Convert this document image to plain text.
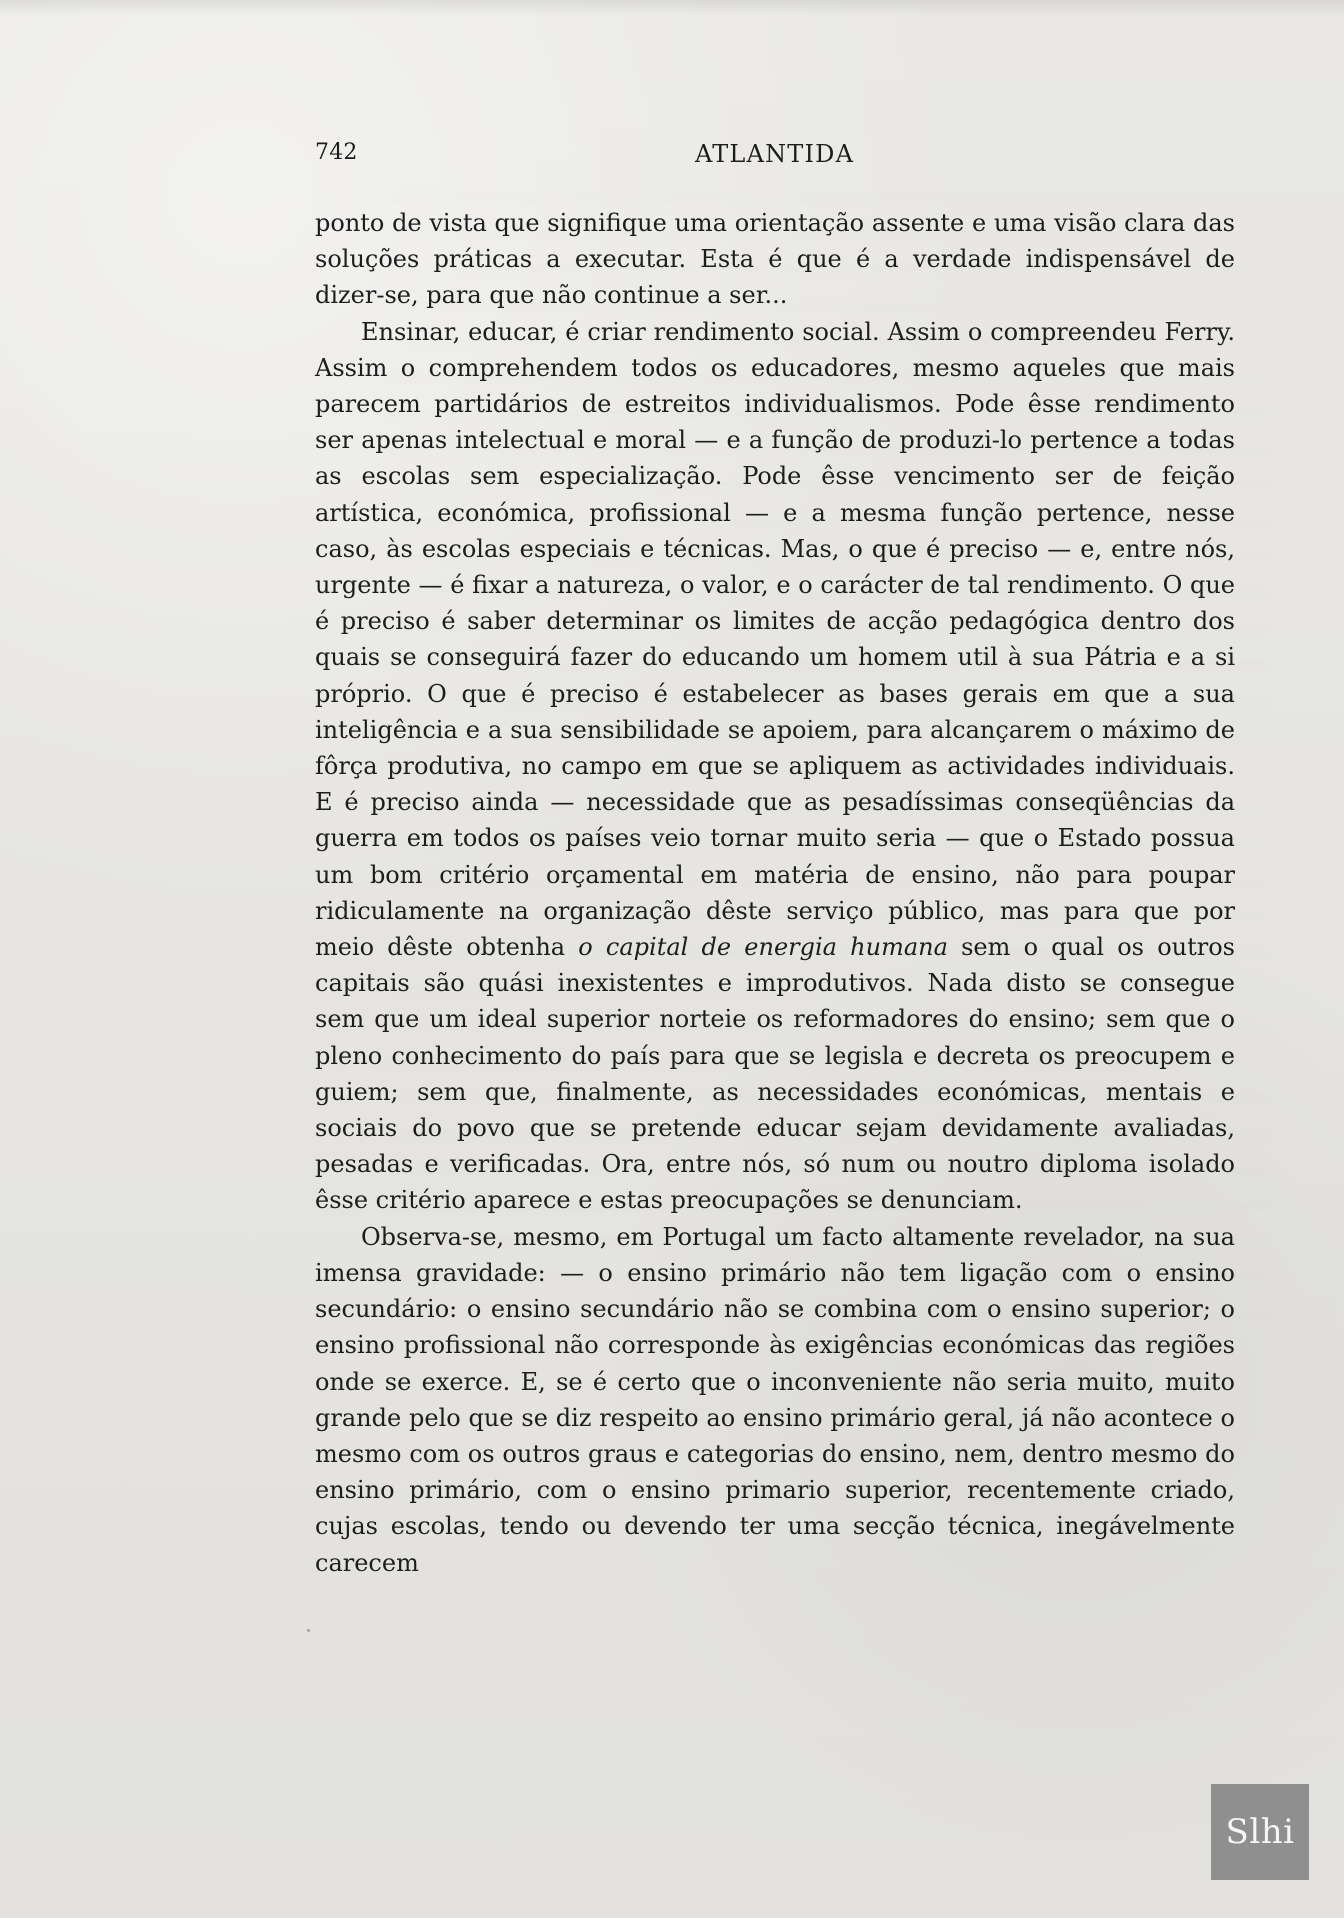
742	ATLANTIDA

ponto de vista que signifique uma orientação assente e uma visão clara das soluções práticas a executar. Esta é que é a verdade indispensável de dizer-se, para que não continue a ser...

Ensinar, educar, é criar rendimento social. Assim o compreendeu Ferry. Assim o comprehendem todos os educadores, mesmo aqueles que mais parecem partidários de estreitos individualismos. Pode êsse rendimento ser apenas intelectual e moral — e a função de produzi-lo pertence a todas as escolas sem especialização. Pode êsse vencimento ser de feição artística, económica, profissional — e a mesma função pertence, nesse caso, às escolas especiais e técnicas. Mas, o que é preciso — e, entre nós, urgente — é fixar a natureza, o valor, e o carácter de tal rendimento. O que é preciso é saber determinar os limites de acção pedagógica dentro dos quais se conseguirá fazer do educando um homem util à sua Pátria e a si próprio. O que é preciso é estabelecer as bases gerais em que a sua inteligência e a sua sensibilidade se apoiem, para alcançarem o máximo de fôrça produtiva, no campo em que se apliquem as actividades individuais. E é preciso ainda — necessidade que as pesadíssimas conseqüências da guerra em todos os países veio tornar muito seria — que o Estado possua um bom critério orçamental em matéria de ensino, não para poupar ridiculamente na organização dêste serviço público, mas para que por meio dêste obtenha o capital de energia humana sem o qual os outros capitais são quási inexistentes e improdutivos. Nada disto se consegue sem que um ideal superior norteie os reformadores do ensino; sem que o pleno conhecimento do país para que se legisla e decreta os preocupem e guiem; sem que, finalmente, as necessidades económicas, mentais e sociais do povo que se pretende educar sejam devidamente avaliadas, pesadas e verificadas. Ora, entre nós, só num ou noutro diploma isolado êsse critério aparece e estas preocupações se denunciam.

Observa-se, mesmo, em Portugal um facto altamente revelador, na sua imensa gravidade: — o ensino primário não tem ligação com o ensino secundário: o ensino secundário não se combina com o ensino superior; o ensino profissional não corresponde às exigências económicas das regiões onde se exerce. E, se é certo que o inconveniente não seria muito, muito grande pelo que se diz respeito ao ensino primário geral, já não acontece o mesmo com os outros graus e categorias do ensino, nem, dentro mesmo do ensino primário, com o ensino primario superior, recentemente criado, cujas escolas, tendo ou devendo ter uma secção técnica, inegávelmente carecem

Slhi
